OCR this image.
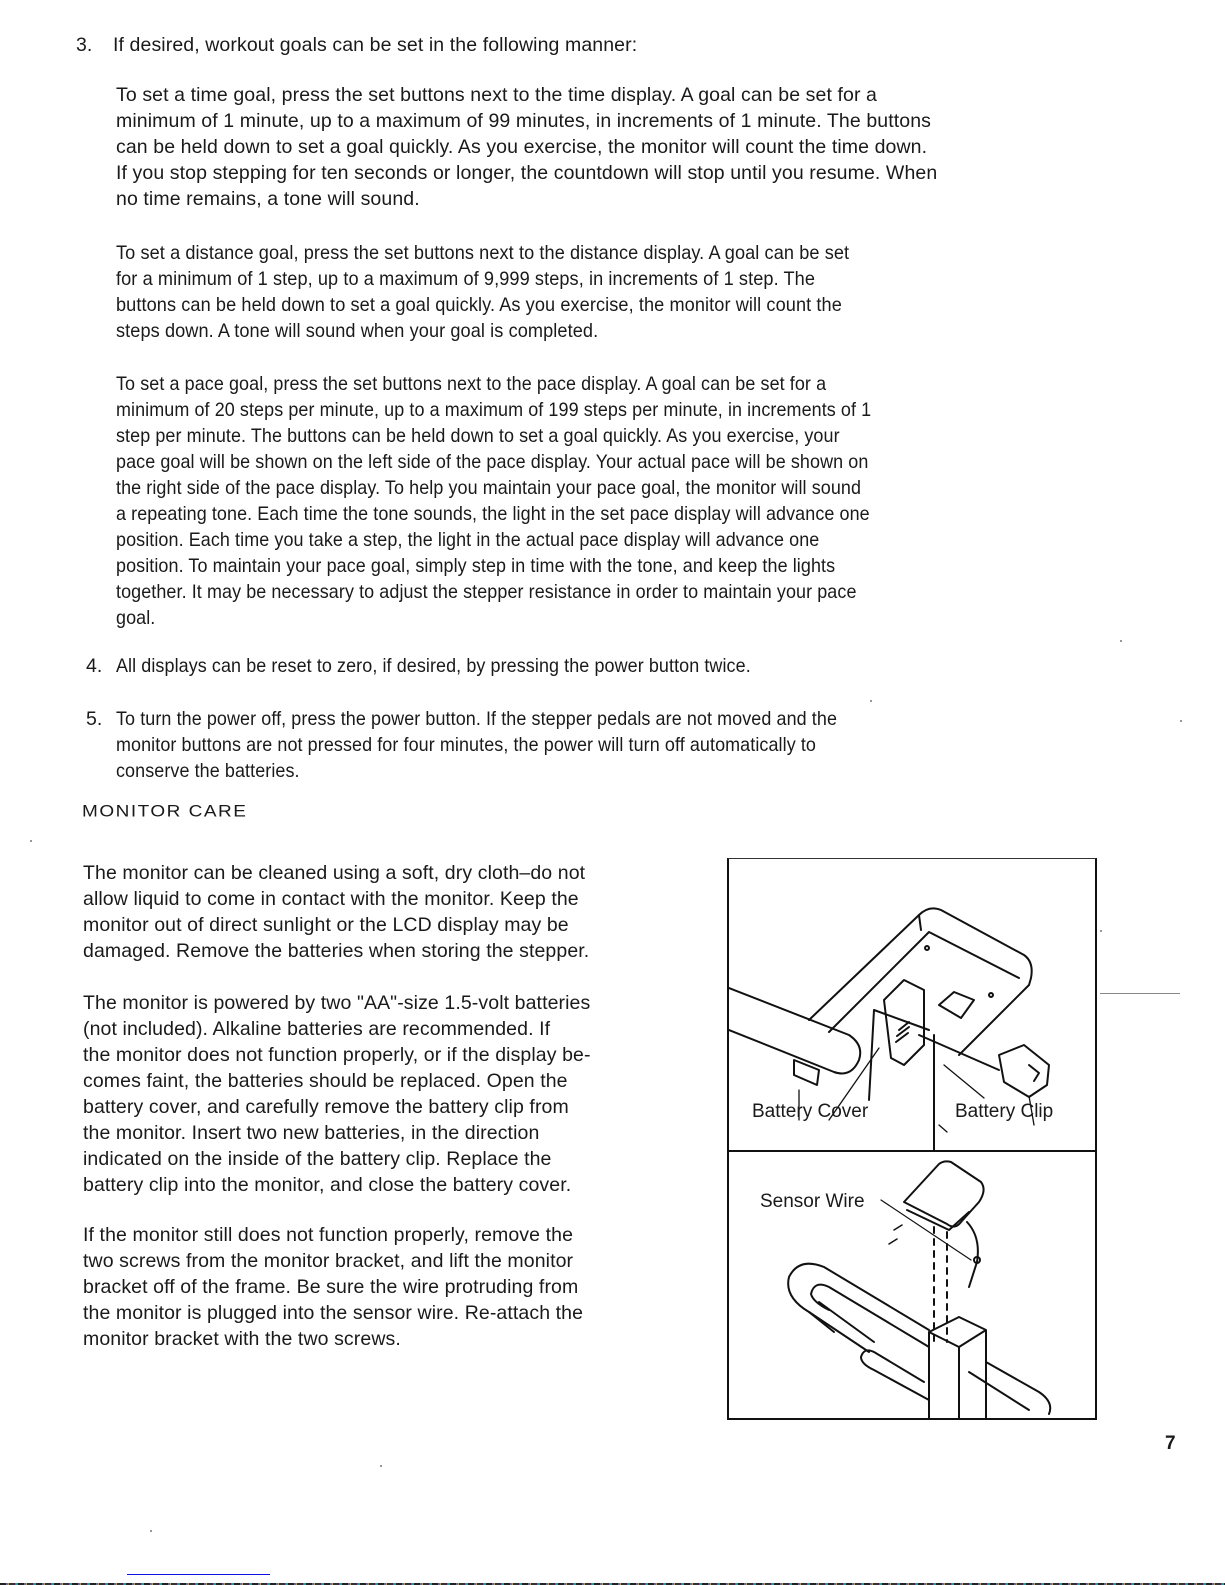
3. If desired, workout goals can be set in the following manner:
To set a time goal, press the set buttons next to the time display. A goal can be set for a
minimum of 1 minute, up to a maximum of 99 minutes, in increments of 1 minute. The buttons
can be held down to set a goal quickly. As you exercise, the monitor will count the time down.
If you stop stepping for ten seconds or longer, the countdown will stop until you resume. When
no time remains, a tone will sound.
To set a distance goal, press the set buttons next to the distance display. A goal can be set
for a minimum of 1 step, up to a maximum of 9,999 steps, in increments of 1 step. The
buttons can be held down to set a goal quickly. As you exercise, the monitor will count the
steps down. A tone will sound when your goal is completed.
To set a pace goal, press the set buttons next to the pace display. A goal can be set for a
minimum of 20 steps per minute, up to a maximum of 199 steps per minute, in increments of 1
step per minute. The buttons can be held down to set a goal quickly. As you exercise, your
pace goal will be shown on the left side of the pace display. Your actual pace will be shown on
the right side of the pace display. To help you maintain your pace goal, the monitor will sound
a repeating tone. Each time the tone sounds, the light in the set pace display will advance one
position. Each time you take a step, the light in the actual pace display will advance one
position. To maintain your pace goal, simply step in time with the tone, and keep the lights
together. It may be necessary to adjust the stepper resistance in order to maintain your pace
goal.
4. All displays can be reset to zero, if desired, by pressing the power button twice.
5. To turn the power off, press the power button. If the stepper pedals are not moved and the
monitor buttons are not pressed for four minutes, the power will turn off automatically to
conserve the batteries.
MONITOR CARE
The monitor can be cleaned using a soft, dry cloth–do not
allow liquid to come in contact with the monitor. Keep the
monitor out of direct sunlight or the LCD display may be
damaged. Remove the batteries when storing the stepper.
The monitor is powered by two "AA"-size 1.5-volt batteries
(not included). Alkaline batteries are recommended. If
the monitor does not function properly, or if the display be-
comes faint, the batteries should be replaced. Open the
battery cover, and carefully remove the battery clip from
the monitor. Insert two new batteries, in the direction
indicated on the inside of the battery clip. Replace the
battery clip into the monitor, and close the battery cover.
If the monitor still does not function properly, remove the
two screws from the monitor bracket, and lift the monitor
bracket off of the frame. Be sure the wire protruding from
the monitor is plugged into the sensor wire. Re-attach the
monitor bracket with the two screws.
Battery Cover	Battery Clip
Sensor Wire
7
